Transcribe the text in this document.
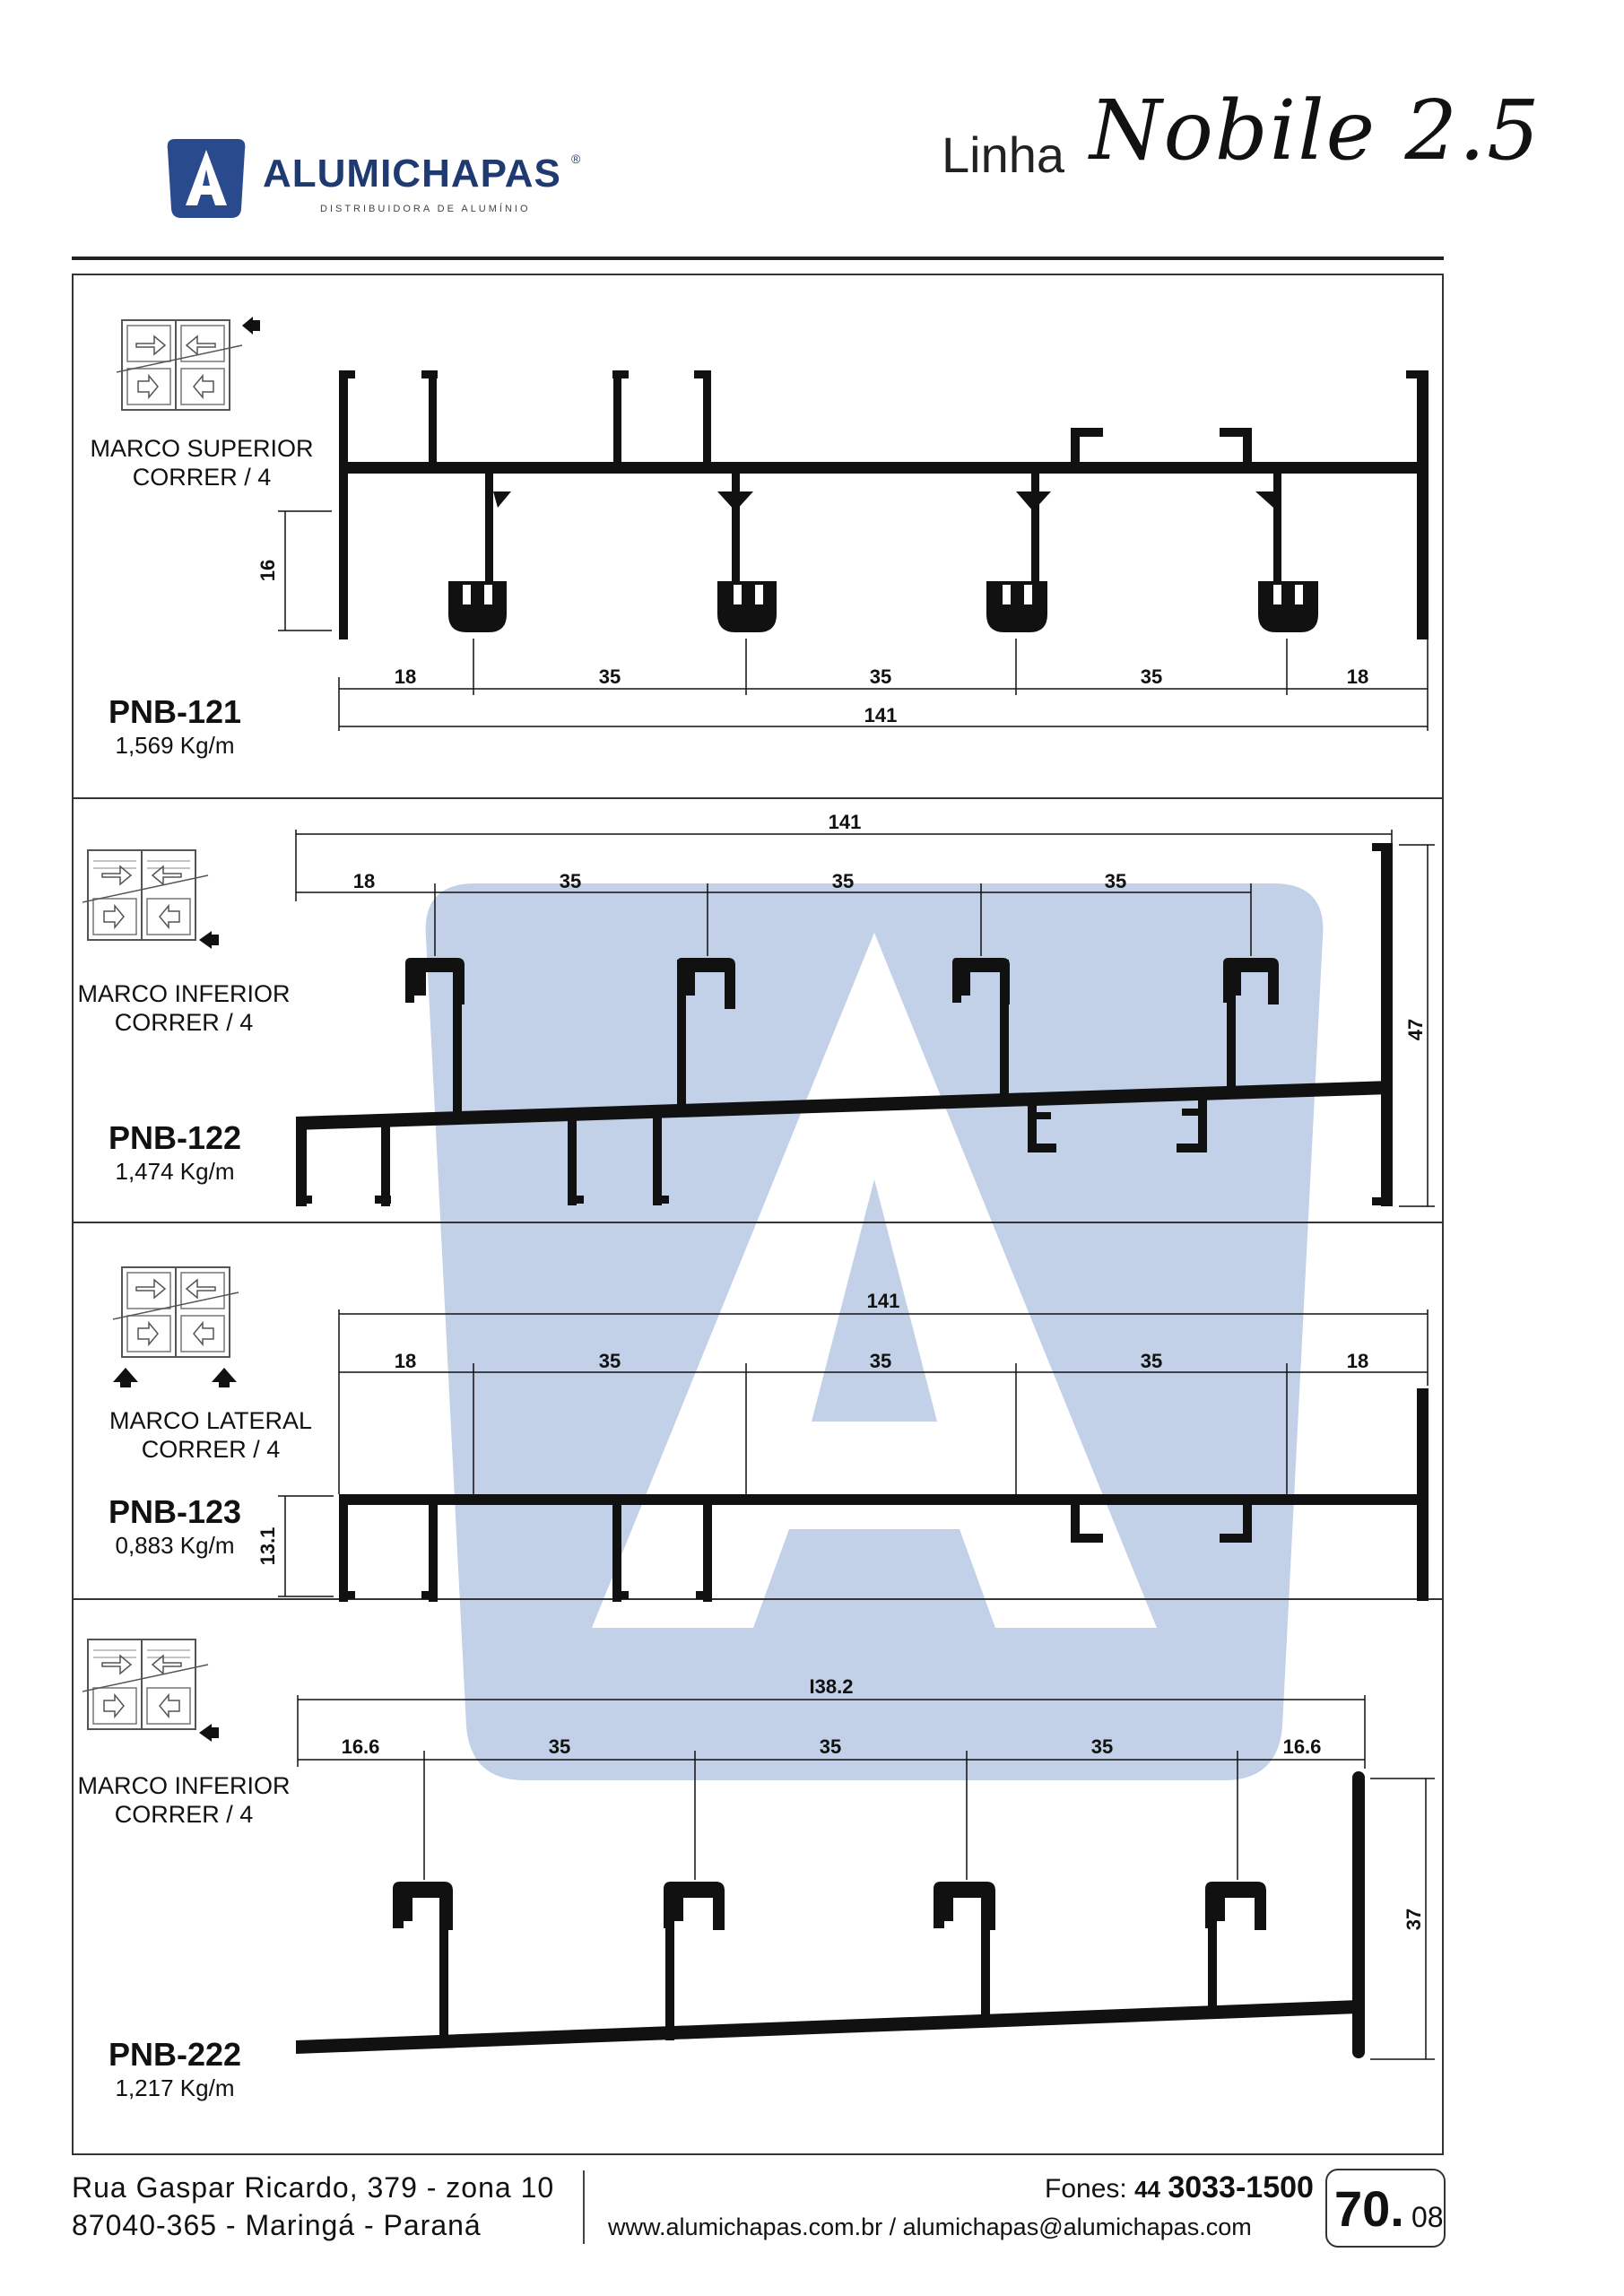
ALUMICHAPAS ®
DISTRIBUIDORA DE ALUMÍNIO
Linha Nobile 2.5
MARCO SUPERIOR
CORRER / 4
PNB-121
1,569 Kg/m
18	35	35	35	18
141
16
141
18	35	35	35
47
141
18	35	35	35	18
13.1
I38.2
16.6	35	35	35	16.6
37
MARCO INFERIOR
CORRER / 4
PNB-122
1,474 Kg/m
MARCO LATERAL
CORRER / 4
PNB-123
0,883 Kg/m
MARCO INFERIOR
CORRER / 4
PNB-222
1,217 Kg/m
Rua Gaspar Ricardo, 379 - zona 10
87040-365 - Maringá - Paraná
Fones: 44 3033-1500
www.alumichapas.com.br / alumichapas@alumichapas.com 70. 08
